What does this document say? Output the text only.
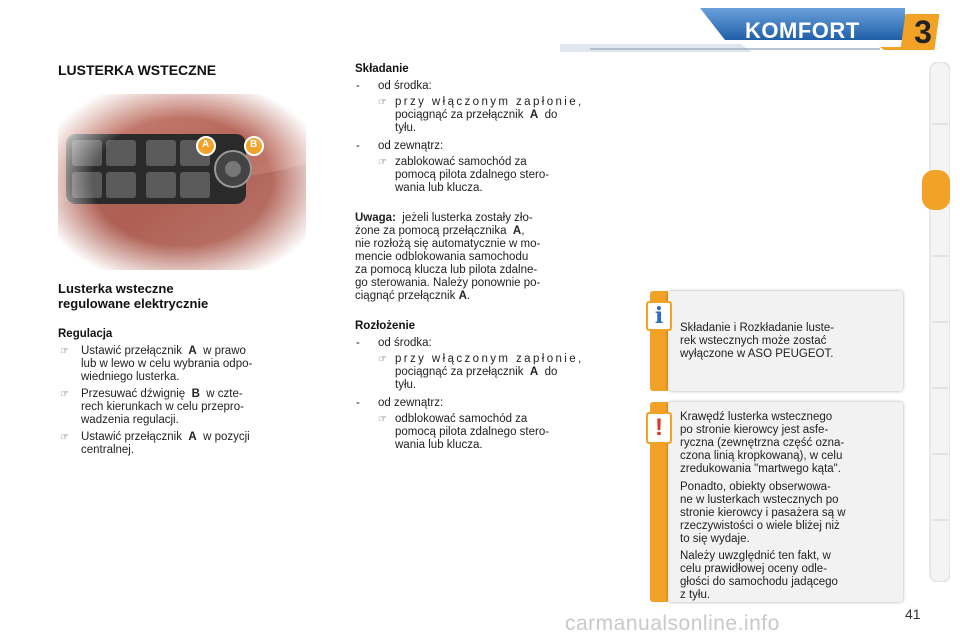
KOMFORT 3
LUSTERKA WSTECZNE
A	B
Lusterka wsteczne
regulowane elektrycznie
Regulacja
☞ Ustawić przełącznik A w prawo
lub w lewo w celu wybrania odpo-
wiedniego lusterka.
☞ Przesuwać dźwignię B w czte-
rech kierunkach w celu przepro-
wadzenia regulacji.
☞ Ustawić przełącznik A w pozycji
centralnej.
Składanie
- od środka:
☞ przy włączonym zapłonie,
pociągnąć za przełącznik A do
tyłu.
- od zewnątrz:
☞ zablokować samochód za
pomocą pilota zdalnego stero-
wania lub klucza.
Uwaga: jeżeli lusterka zostały zło-
żone za pomocą przełącznika A,
nie rozłożą się automatycznie w mo-
mencie odblokowania samochodu
za pomocą klucza lub pilota zdalne-
go sterowania. Należy ponownie po-
ciągnąć przełącznik A.
Rozłożenie
- od środka:
☞ przy włączonym zapłonie,
pociągnąć za przełącznik A do
tyłu.
- od zewnątrz:
☞ odblokować samochód za
pomocą pilota zdalnego stero-
wania lub klucza.
i	Składanie i Rozkładanie luste-
rek wstecznych może zostać
wyłączone w ASO PEUGEOT.
!	Krawędź lusterka wstecznego
po stronie kierowcy jest asfe-
ryczna (zewnętrzna część ozna-
czona linią kropkowaną), w celu
zredukowania "martwego kąta".
Ponadto, obiekty obserwowa-
ne w lusterkach wstecznych po
stronie kierowcy i pasażera są w
rzeczywistości o wiele bliżej niż
to się wydaje.
Należy uwzględnić ten fakt, w
celu prawidłowej oceny odle-
głości do samochodu jadącego
z tyłu.
41
carmanualsonline.info
